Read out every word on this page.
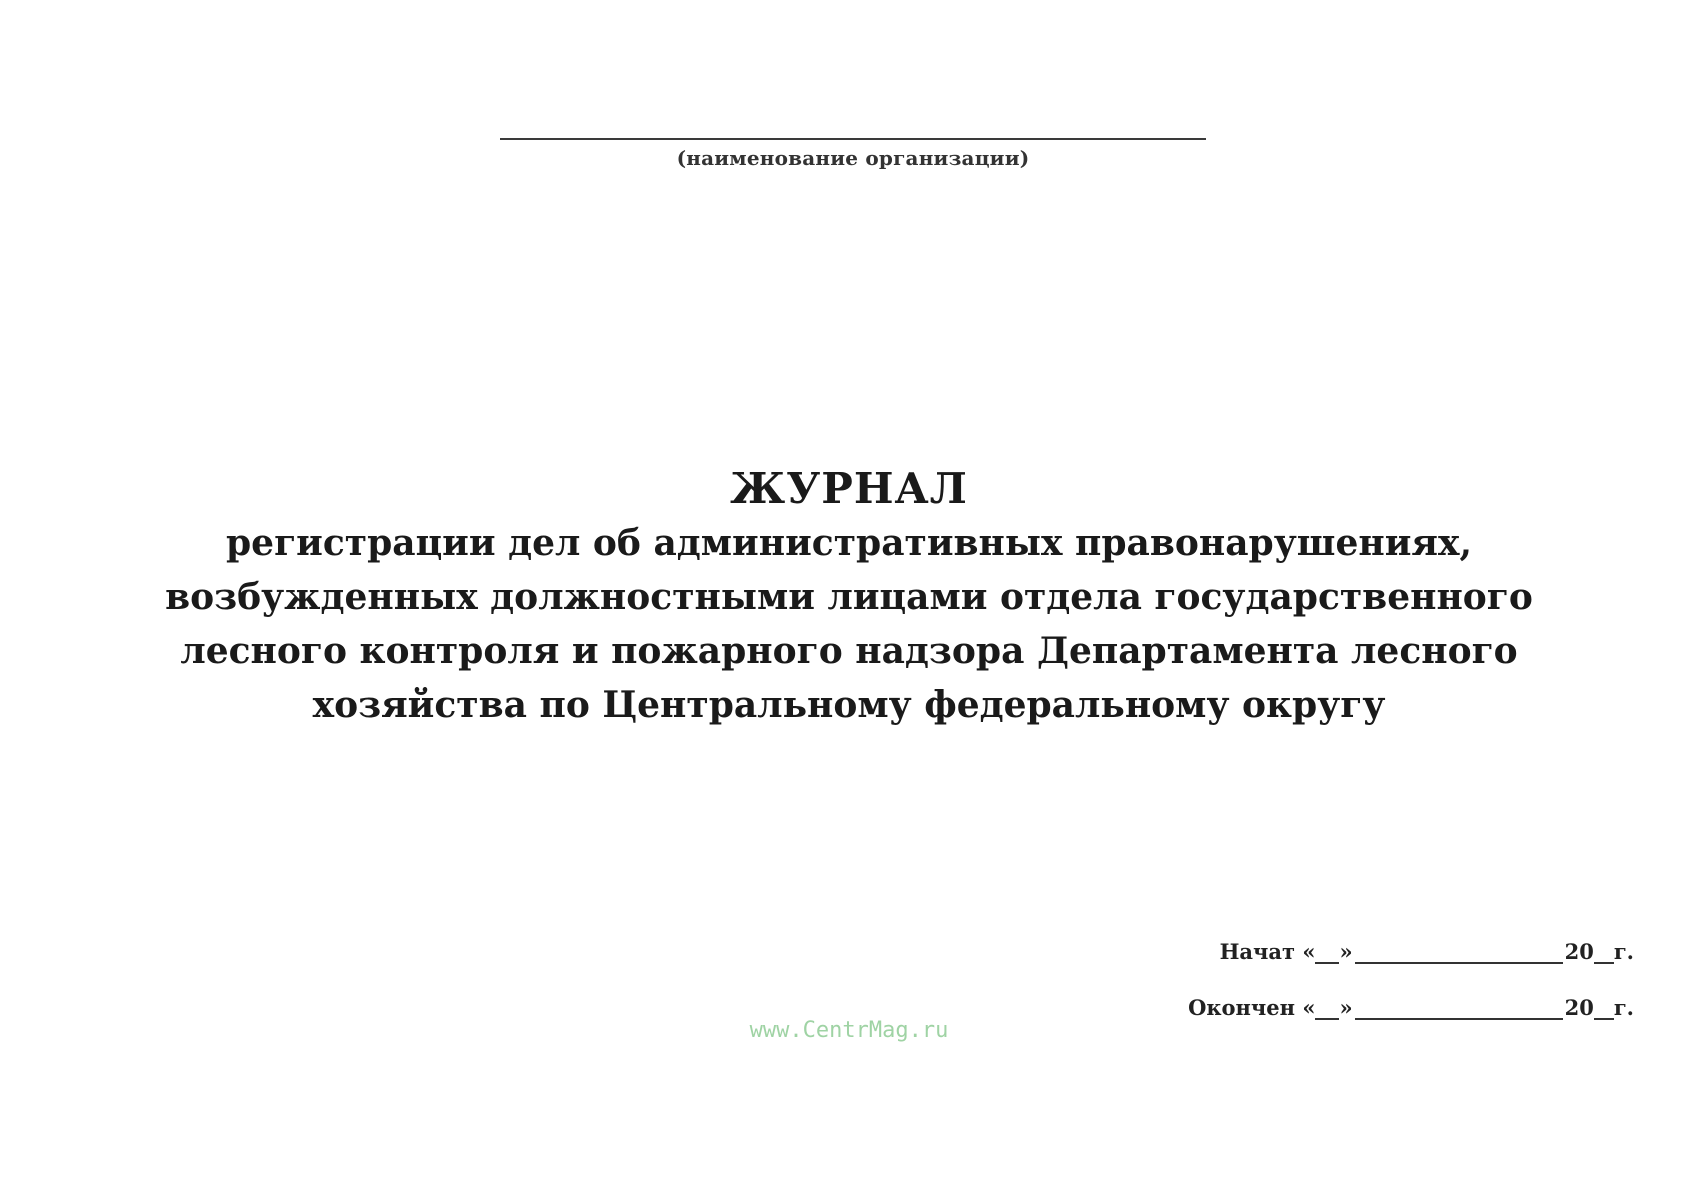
(наименование организации)
ЖУРНАЛ
регистрации дел об административных правонарушениях,
возбужденных должностными лицами отдела государственного
лесного контроля и пожарного надзора Департамента лесного
хозяйства по Центральному федеральному округу
Начат « »	20 г.
Окончен « »	20 г.
www.CentrMag.ru
